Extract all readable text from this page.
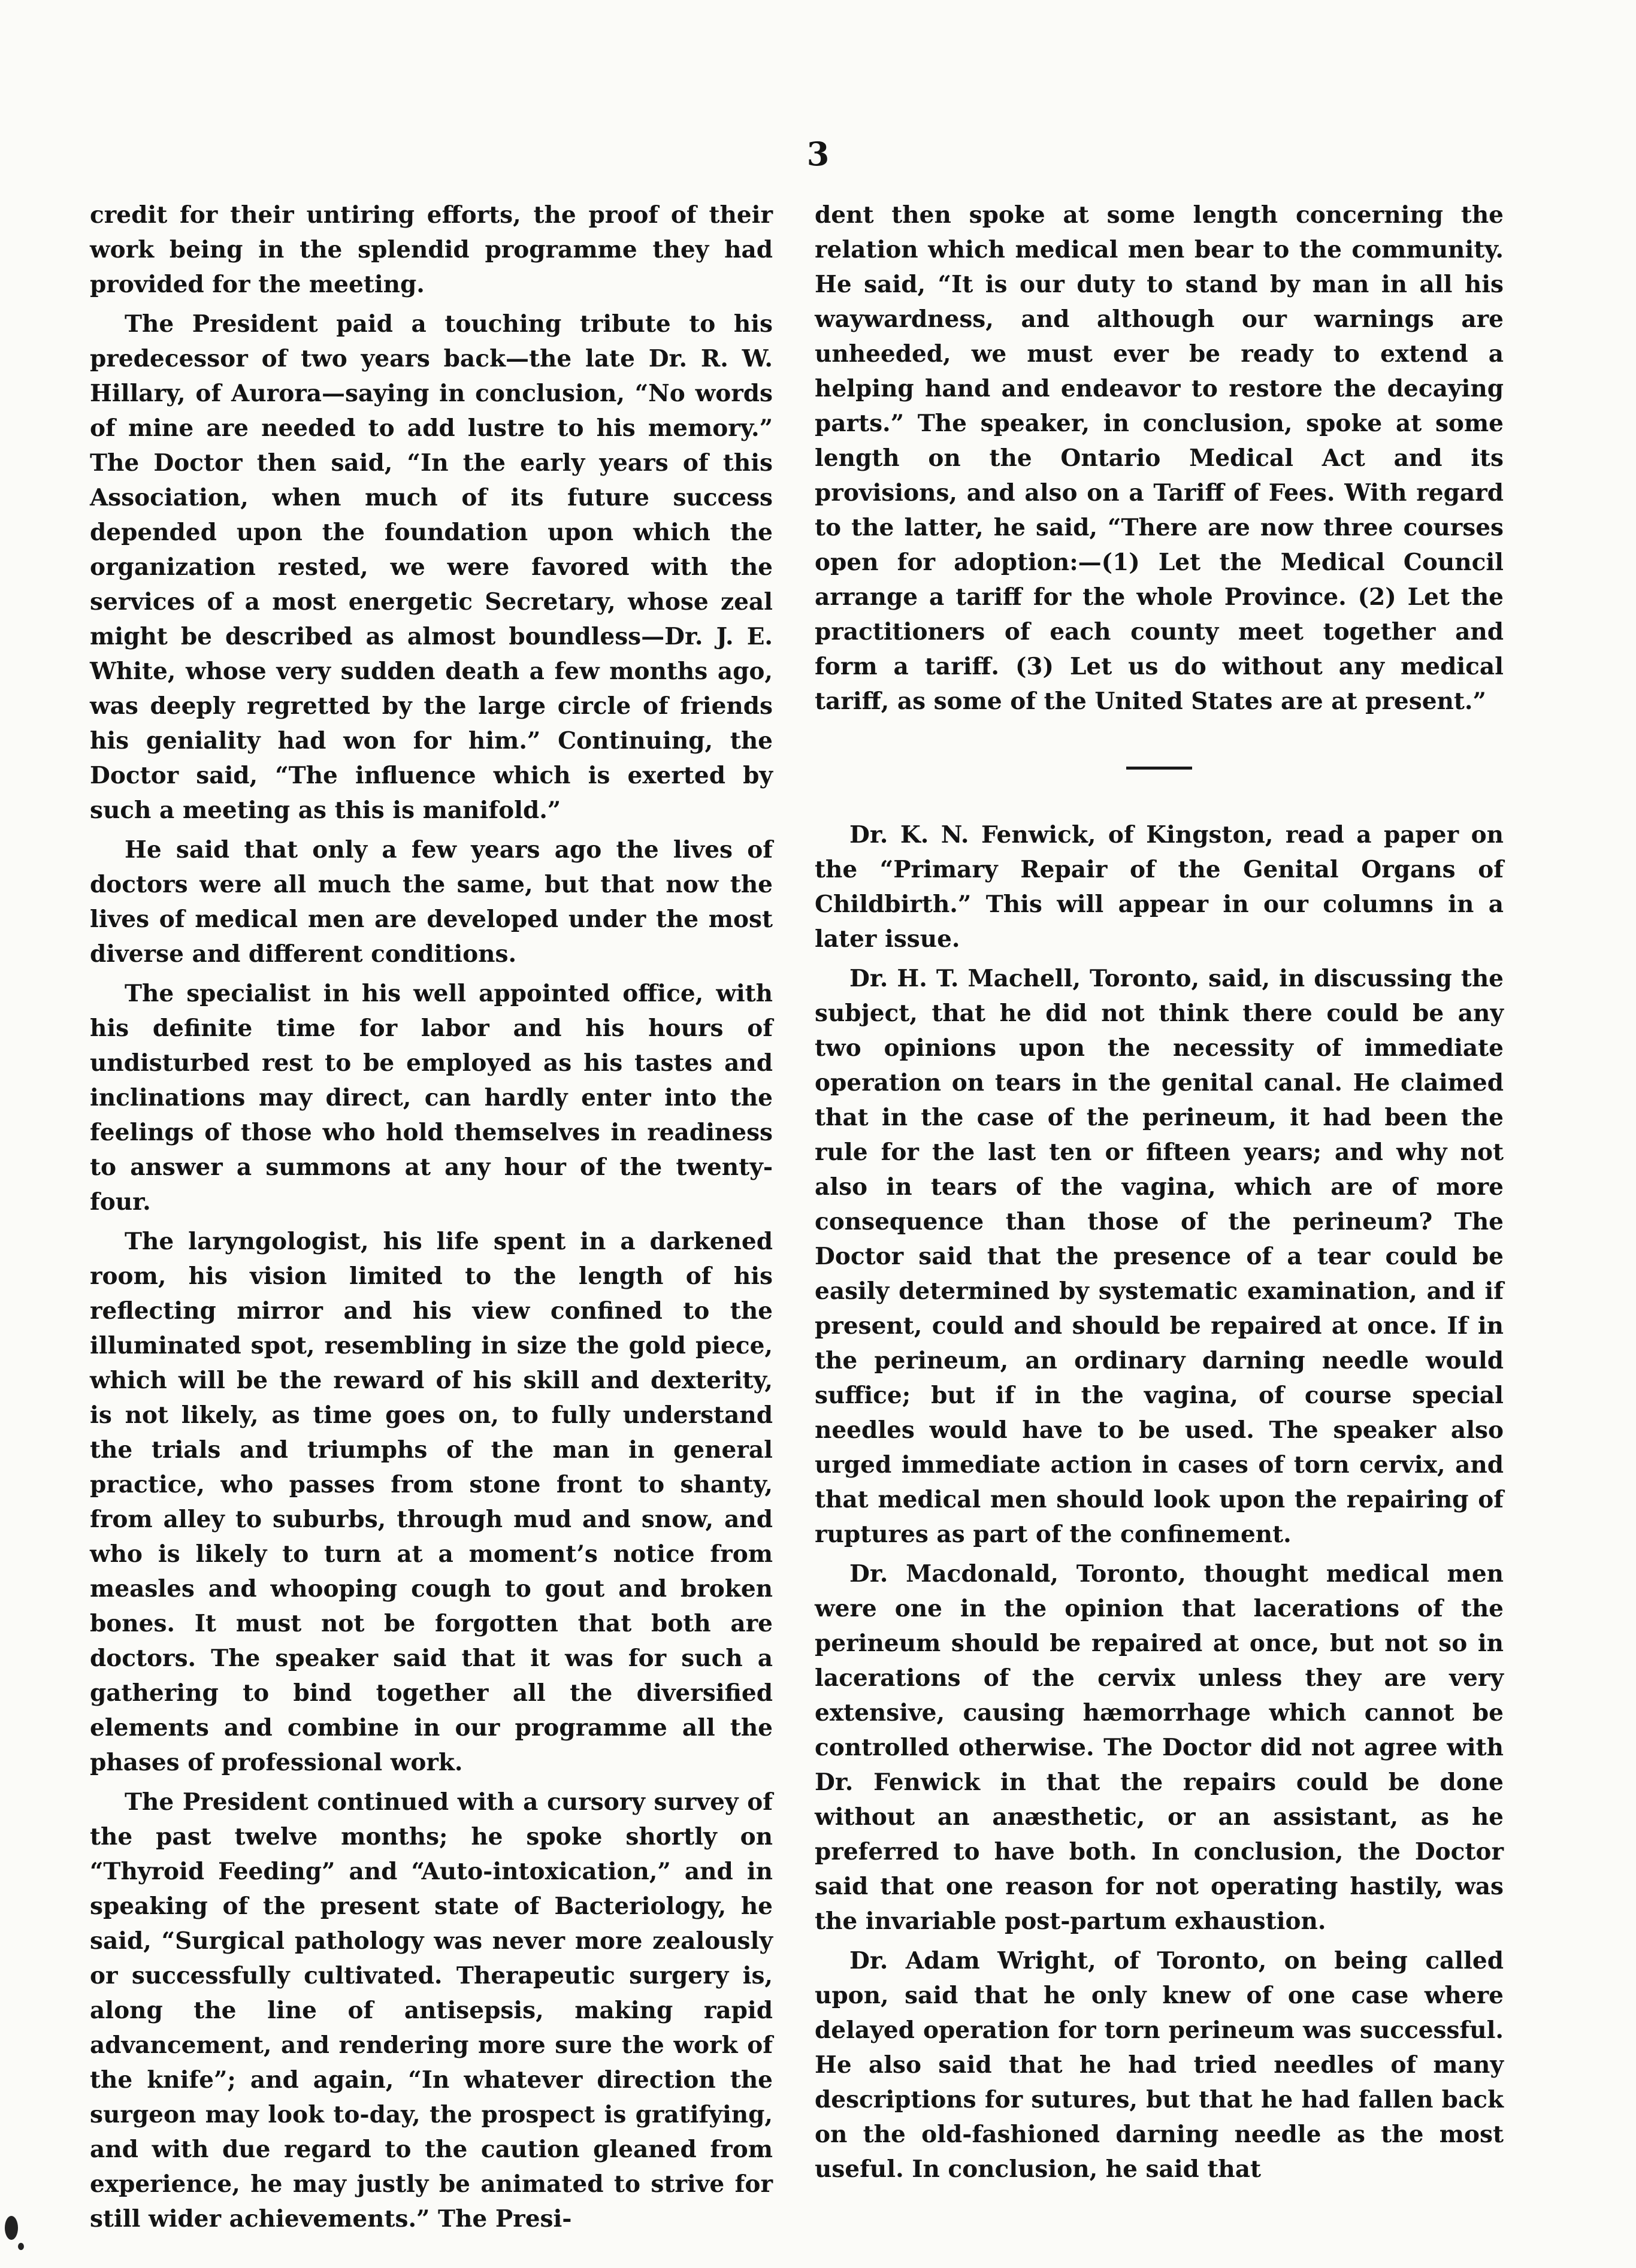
3

credit for their untiring efforts, the proof of their work being in the splendid programme they had provided for the meeting.

The President paid a touching tribute to his predecessor of two years back—the late Dr. R. W. Hillary, of Aurora—saying in conclusion, “No words of mine are needed to add lustre to his memory.” The Doctor then said, “In the early years of this Association, when much of its future success depended upon the foundation upon which the organization rested, we were favored with the services of a most energetic Secretary, whose zeal might be described as almost boundless—Dr. J. E. White, whose very sudden death a few months ago, was deeply regretted by the large circle of friends his geniality had won for him.” Continuing, the Doctor said, “The influence which is exerted by such a meeting as this is manifold.”

He said that only a few years ago the lives of doctors were all much the same, but that now the lives of medical men are developed under the most diverse and different conditions.

The specialist in his well appointed office, with his definite time for labor and his hours of undisturbed rest to be employed as his tastes and inclinations may direct, can hardly enter into the feelings of those who hold themselves in readiness to answer a summons at any hour of the twenty-four.

The laryngologist, his life spent in a darkened room, his vision limited to the length of his reflecting mirror and his view confined to the illuminated spot, resembling in size the gold piece, which will be the reward of his skill and dexterity, is not likely, as time goes on, to fully understand the trials and triumphs of the man in general practice, who passes from stone front to shanty, from alley to suburbs, through mud and snow, and who is likely to turn at a moment’s notice from measles and whooping cough to gout and broken bones. It must not be forgotten that both are doctors. The speaker said that it was for such a gathering to bind together all the diversified elements and combine in our programme all the phases of professional work.

The President continued with a cursory survey of the past twelve months; he spoke shortly on “Thyroid Feeding” and “Auto-intoxication,” and in speaking of the present state of Bacteriology, he said, “Surgical pathology was never more zealously or successfully cultivated. Therapeutic surgery is, along the line of antisepsis, making rapid advancement, and rendering more sure the work of the knife”; and again, “In whatever direction the surgeon may look to-day, the prospect is gratifying, and with due regard to the caution gleaned from experience, he may justly be animated to strive for still wider achievements.” The Presi-

dent then spoke at some length concerning the relation which medical men bear to the community. He said, “It is our duty to stand by man in all his waywardness, and although our warnings are unheeded, we must ever be ready to extend a helping hand and endeavor to restore the decaying parts.” The speaker, in conclusion, spoke at some length on the Ontario Medical Act and its provisions, and also on a Tariff of Fees. With regard to the latter, he said, “There are now three courses open for adoption:—(1) Let the Medical Council arrange a tariff for the whole Province. (2) Let the practitioners of each county meet together and form a tariff. (3) Let us do without any medical tariff, as some of the United States are at present.”

Dr. K. N. Fenwick, of Kingston, read a paper on the “Primary Repair of the Genital Organs of Childbirth.” This will appear in our columns in a later issue.

Dr. H. T. Machell, Toronto, said, in discussing the subject, that he did not think there could be any two opinions upon the necessity of immediate operation on tears in the genital canal. He claimed that in the case of the perineum, it had been the rule for the last ten or fifteen years; and why not also in tears of the vagina, which are of more consequence than those of the perineum? The Doctor said that the presence of a tear could be easily determined by systematic examination, and if present, could and should be repaired at once. If in the perineum, an ordinary darning needle would suffice; but if in the vagina, of course special needles would have to be used. The speaker also urged immediate action in cases of torn cervix, and that medical men should look upon the repairing of ruptures as part of the confinement.

Dr. Macdonald, Toronto, thought medical men were one in the opinion that lacerations of the perineum should be repaired at once, but not so in lacerations of the cervix unless they are very extensive, causing hæmorrhage which cannot be controlled otherwise. The Doctor did not agree with Dr. Fenwick in that the repairs could be done without an anæsthetic, or an assistant, as he preferred to have both. In conclusion, the Doctor said that one reason for not operating hastily, was the invariable post-partum exhaustion.

Dr. Adam Wright, of Toronto, on being called upon, said that he only knew of one case where delayed operation for torn perineum was successful. He also said that he had tried needles of many descriptions for sutures, but that he had fallen back on the old-fashioned darning needle as the most useful. In conclusion, he said that
